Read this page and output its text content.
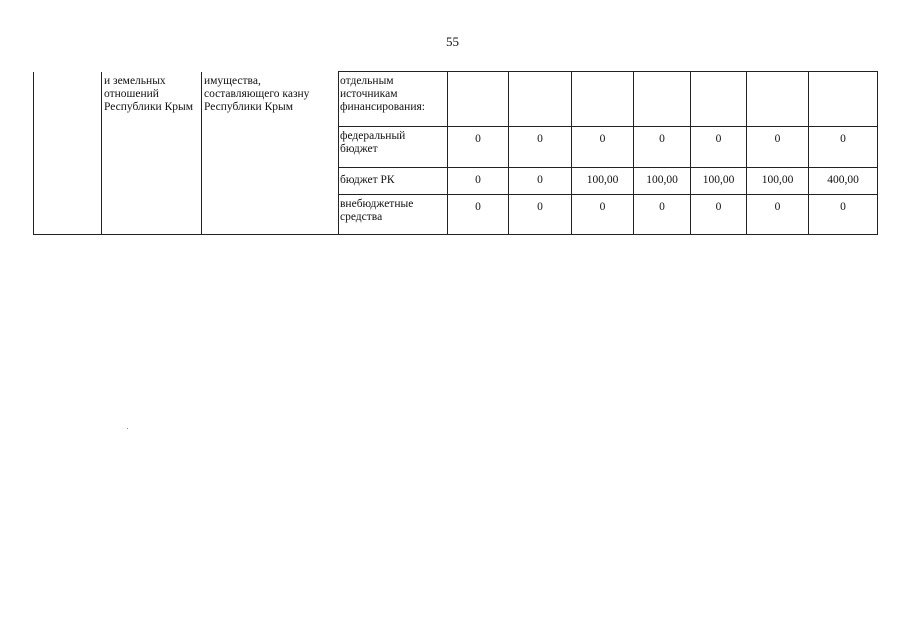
55
	и земельных отношений Республики Крым	имущества, составляющего казну Республики Крым	отдельным источникам финансирования:							
			федеральный бюджет	0	0	0	0	0	0	0
			бюджет РК	0	0	100,00	100,00	100,00	100,00	400,00
			внебюджетные средства	0	0	0	0	0	0	0
